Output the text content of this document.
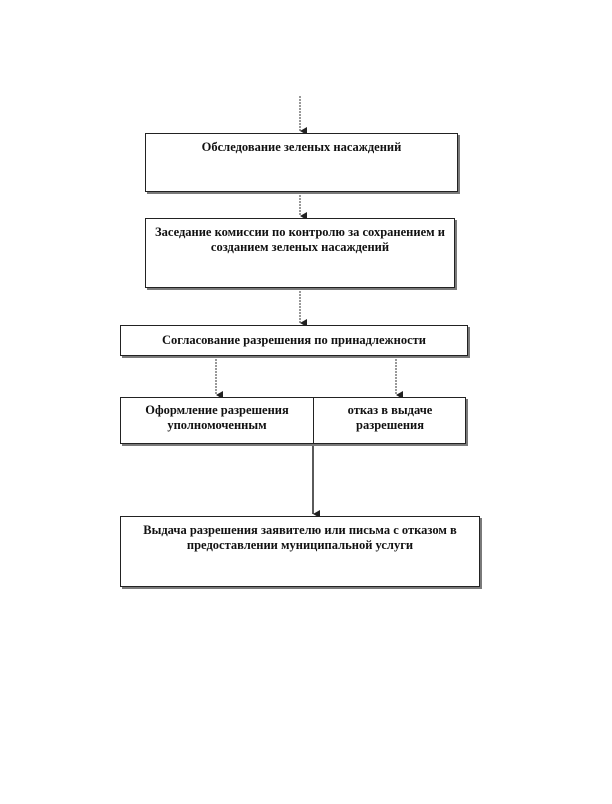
Обследование зеленых насаждений
Заседание комиссии по контролю за сохранением и созданием зеленых насаждений
Согласование разрешения по принадлежности
Оформление разрешения уполномоченным
отказ в выдаче разрешения
Выдача разрешения заявителю или письма с отказом в предоставлении муниципальной услуги
